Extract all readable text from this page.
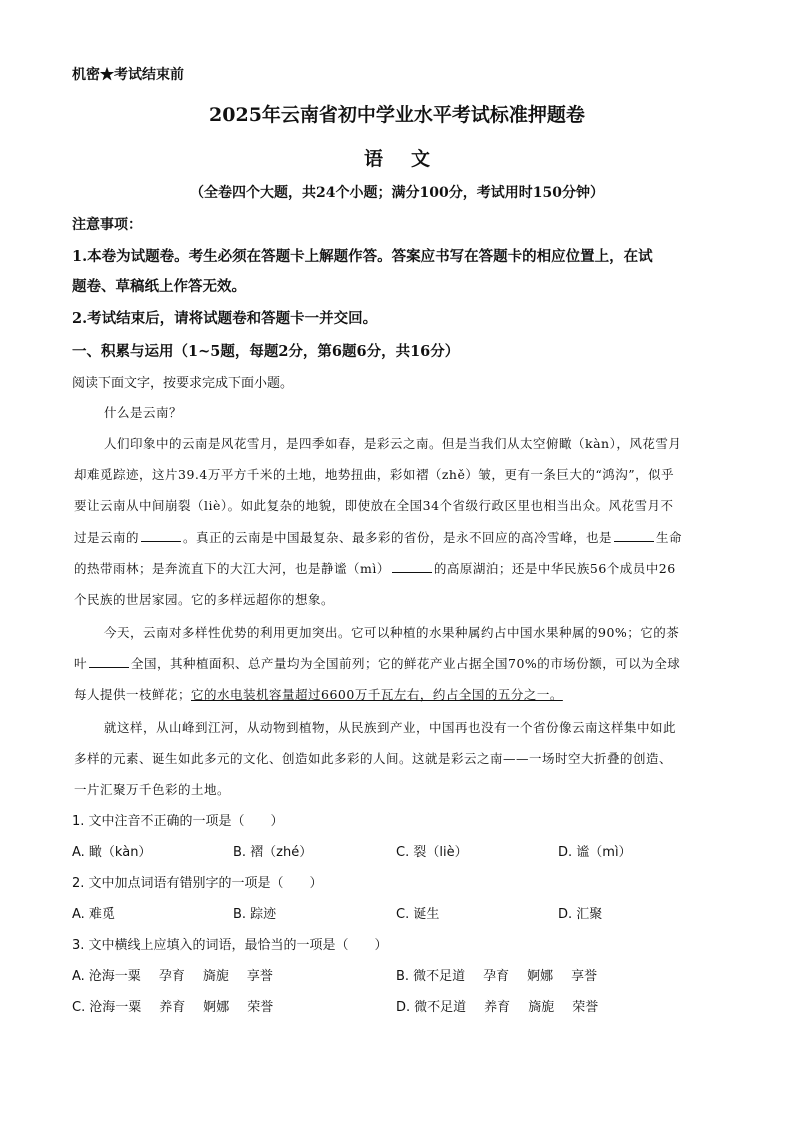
机密★考试结束前
2025年云南省初中学业水平考试标准押题卷
语文
（全卷四个大题，共24个小题；满分100分，考试用时150分钟）
注意事项：
1.本卷为试题卷。考生必须在答题卡上解题作答。答案应书写在答题卡的相应位置上，在试
题卷、草稿纸上作答无效。
2.考试结束后，请将试题卷和答题卡一并交回。
一、积累与运用（1~5题，每题2分，第6题6分，共16分）
阅读下面文字，按要求完成下面小题。
什么是云南？
人们印象中的云南是风花雪月，是四季如春，是彩云之南。但是当我们从太空俯瞰（kàn），风花雪月
却难觅踪迹，这片39.4万平方千米的土地，地势扭曲，彩如褶（zhě）皱，更有一条巨大的“鸿沟”，似乎
要让云南从中间崩裂（liè）。如此复杂的地貌，即使放在全国34个省级行政区里也相当出众。风花雪月不
过是云南的	。真正的云南是中国最复杂、最多彩的省份，是永不回应的高冷雪峰，也是	生命
的热带雨林；是奔流直下的大江大河，也是静谧（mì）	的高原湖泊；还是中华民族56个成员中26
个民族的世居家园。它的多样远超你的想象。
今天，云南对多样性优势的利用更加突出。它可以种植的水果种属约占中国水果种属的90%；它的茶
叶	全国，其种植面积、总产量均为全国前列；它的鲜花产业占据全国70%的市场份额，可以为全球
每人提供一枝鲜花；它的水电装机容量超过6600万千瓦左右，约占全国的五分之一。
就这样，从山峰到江河，从动物到植物，从民族到产业，中国再也没有一个省份像云南这样集中如此
多样的元素、诞生如此多元的文化、创造如此多彩的人间。这就是彩云之南——一场时空大折叠的创造、
一片汇聚万千色彩的土地。
1. 文中注音不正确的一项是（　　）
A. 瞰（kàn）	B. 褶（zhé）	C. 裂（liè）	D. 谧（mì）
2. 文中加点词语有错别字的一项是（　　）
A. 难觅	B. 踪迹	C. 诞生	D. 汇聚
3. 文中横线上应填入的词语，最恰当的一项是（　　）
A. 沧海一粟 孕育 旖旎 享誉	B. 微不足道 孕育 婀娜 享誉
C. 沧海一粟 养育 婀娜 荣誉	D. 微不足道 养育 旖旎 荣誉
